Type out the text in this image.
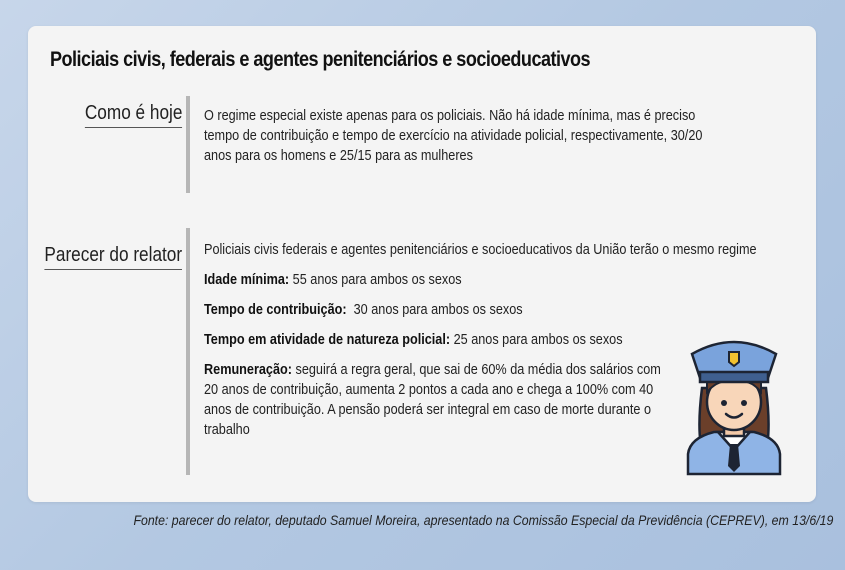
Policiais civis, federais e agentes penitenciários e socioeducativos
Como é hoje O regime especial existe apenas para os policiais. Não há idade mínima, mas é preciso tempo de contribuição e tempo de exercício na atividade policial, respectivamente, 30/20 anos para os homens e 25/15 para as mulheres
Parecer do relator Policiais civis federais e agentes penitenciários e socioeducativos da União terão o mesmo regime
Idade mínima: 55 anos para ambos os sexos
Tempo de contribuição:  30 anos para ambos os sexos
Tempo em atividade de natureza policial: 25 anos para ambos os sexos
Remuneração: seguirá a regra geral, que sai de 60% da média dos salários com 20 anos de contribuição, aumenta 2 pontos a cada ano e chega a 100% com 40 anos de contribuição. A pensão poderá ser integral em caso de morte durante o trabalho
Fonte: parecer do relator, deputado Samuel Moreira, apresentado na Comissão Especial da Previdência (CEPREV), em 13/6/19
